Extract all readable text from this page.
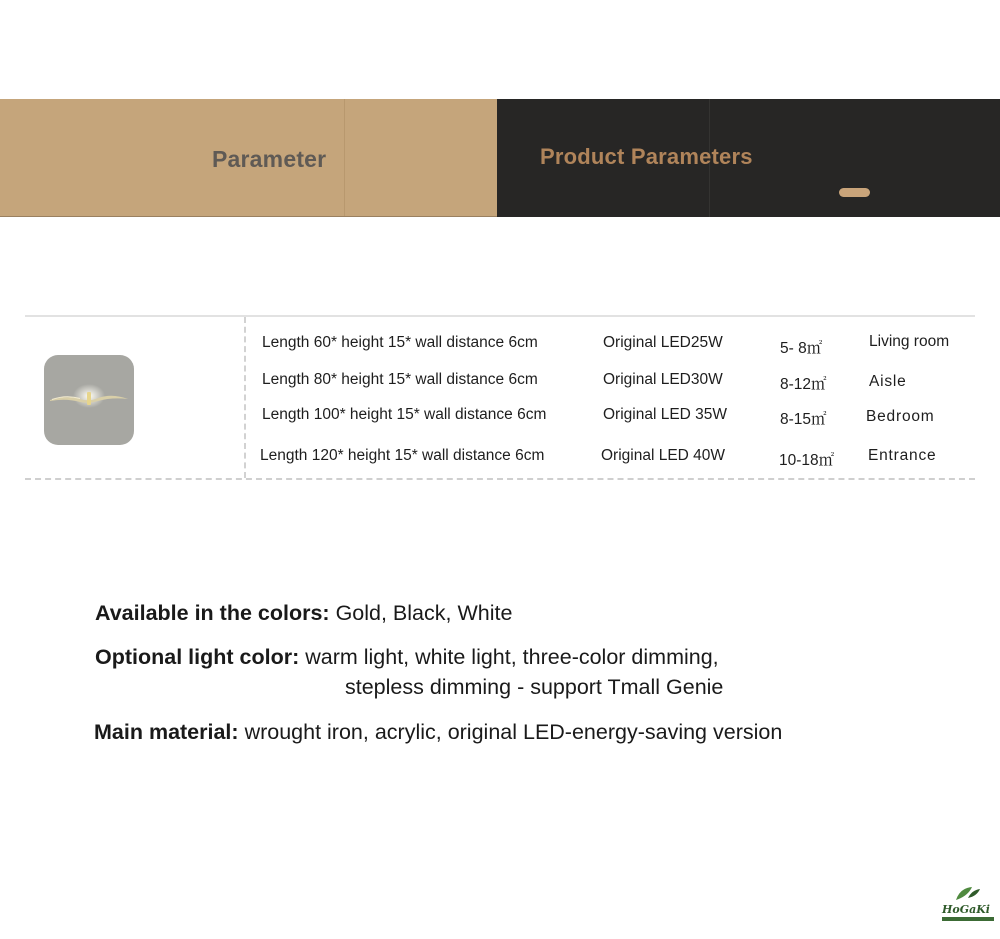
Parameter	Product Parameters
Length 60* height 15* wall distance 6cm	Original LED25W	5- 8㎡	Living room
Length 80* height 15* wall distance 6cm	Original LED30W	8-12㎡	Aisle
Length 100* height 15* wall distance 6cm	Original LED 35W	8-15㎡	Bedroom
Length 120* height 15* wall distance 6cm	Original LED 40W	10-18㎡ Entrance
Available in the colors: Gold, Black, White
Optional light color: warm light, white light, three-color dimming,
stepless dimming - support Tmall Genie
Main material: wrought iron, acrylic, original LED-energy-saving version
HoGaKi
